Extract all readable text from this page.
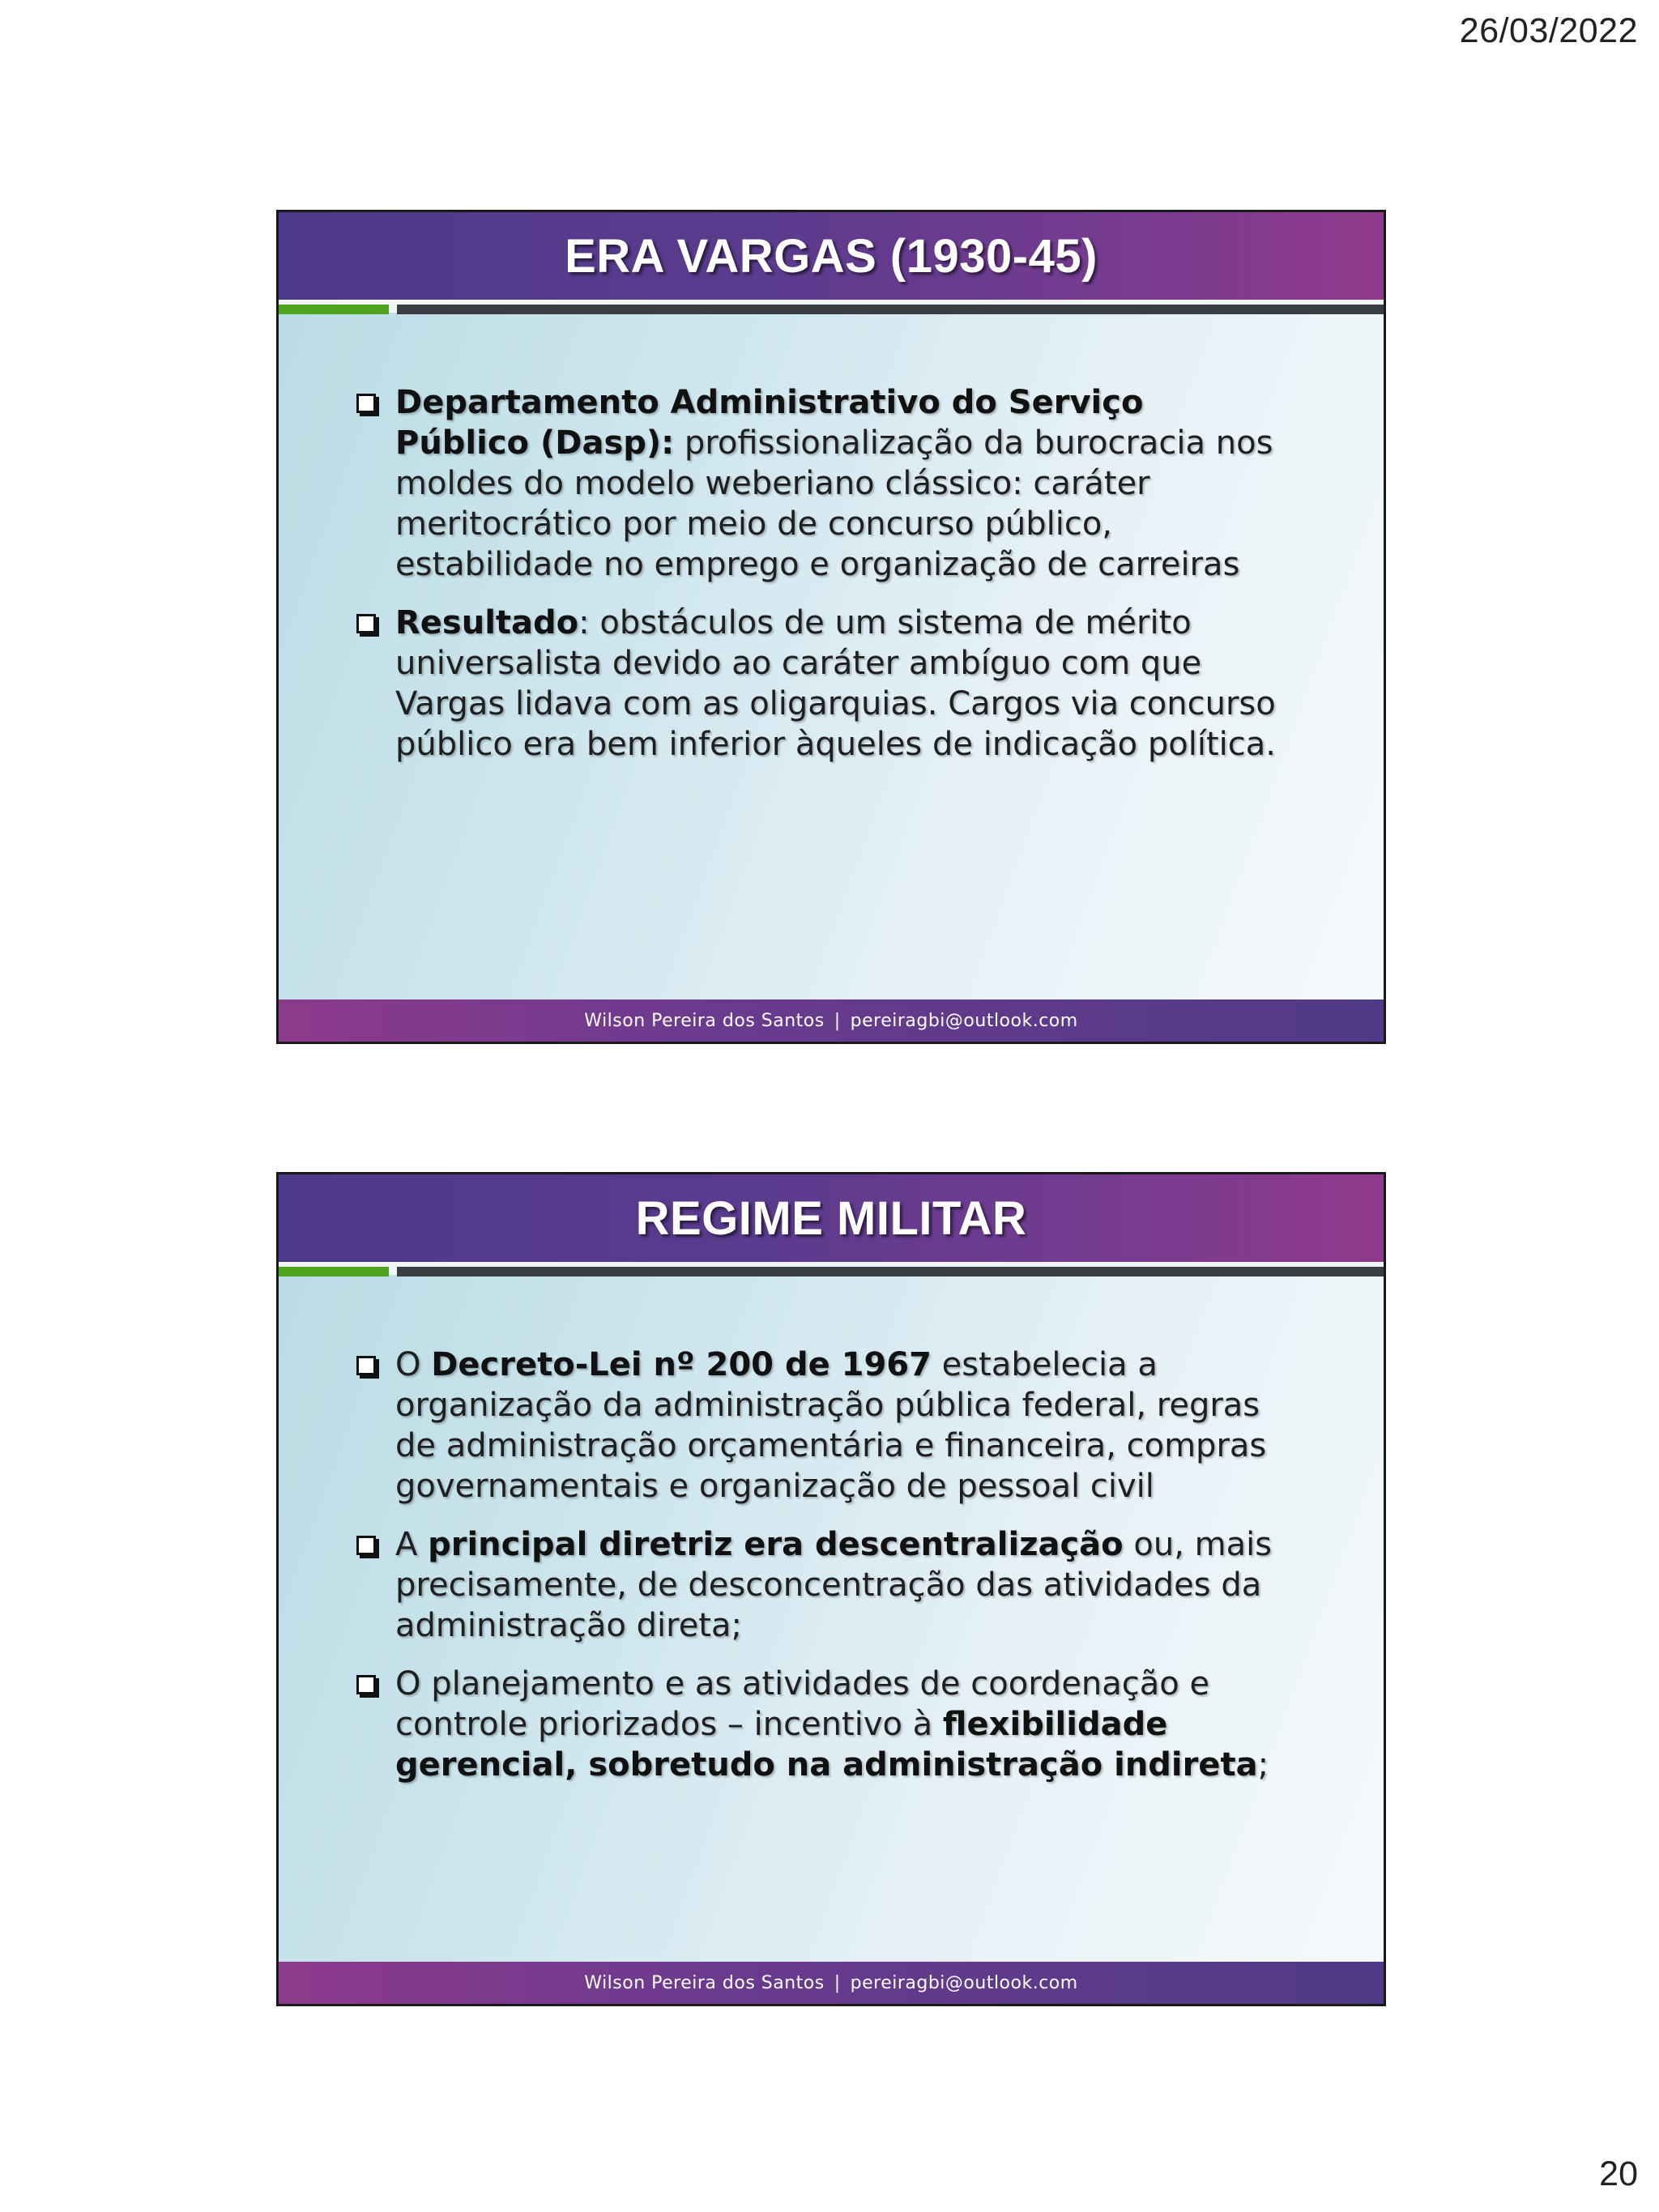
26/03/2022
ERA VARGAS (1930-45)
Departamento Administrativo do Serviço Público (Dasp): profissionalização da burocracia nos moldes do modelo weberiano clássico: caráter meritocrático por meio de concurso público, estabilidade no emprego e organização de carreiras
Resultado: obstáculos de um sistema de mérito universalista devido ao caráter ambíguo com que Vargas lidava com as oligarquias. Cargos via concurso público era bem inferior àqueles de indicação política.
Wilson Pereira dos Santos | pereiragbi@outlook.com
REGIME MILITAR
O Decreto-Lei nº 200 de 1967 estabelecia a organização da administração pública federal, regras de administração orçamentária e financeira, compras governamentais e organização de pessoal civil
A principal diretriz era descentralização ou, mais precisamente, de desconcentração das atividades da administração direta;
O planejamento e as atividades de coordenação e controle priorizados – incentivo à flexibilidade gerencial, sobretudo na administração indireta;
Wilson Pereira dos Santos | pereiragbi@outlook.com
20
